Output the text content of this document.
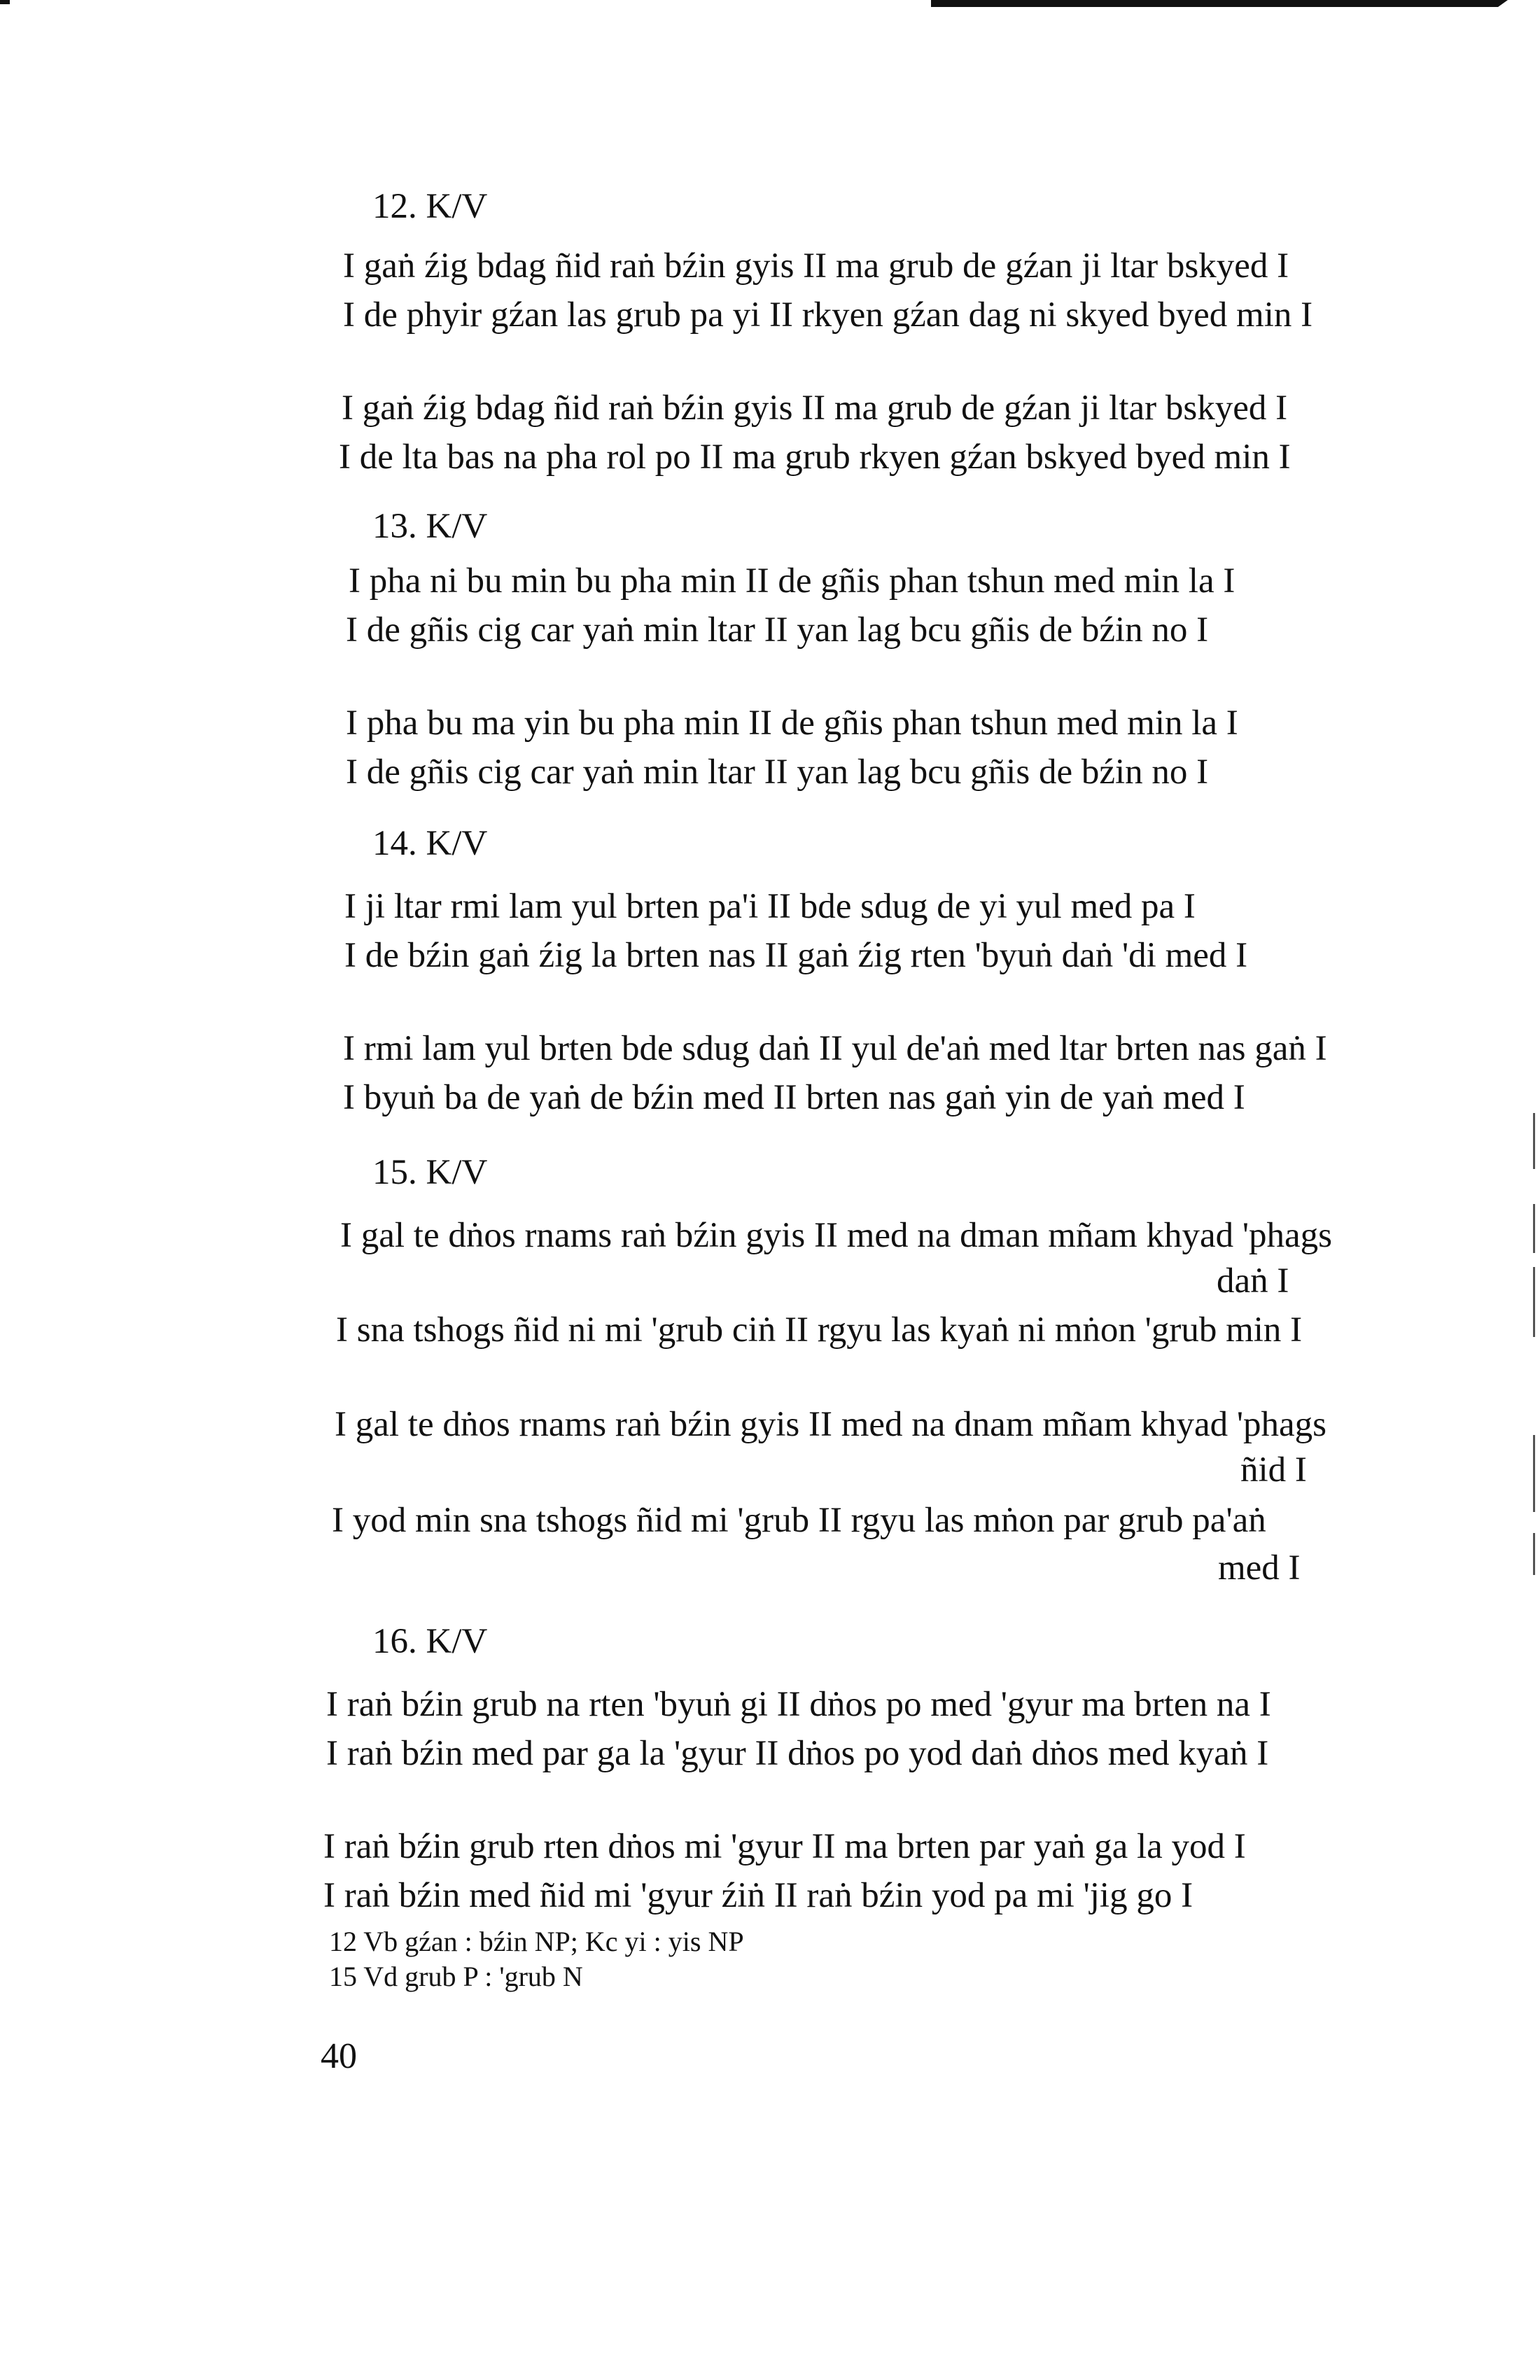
12. K/V
I gaṅ źig bdag ñid raṅ bźin gyis II ma grub de gźan ji ltar bskyed I
I de phyir gźan las grub pa yi II rkyen gźan dag ni skyed byed min I
I gaṅ źig bdag ñid raṅ bźin gyis II ma grub de gźan ji ltar bskyed I
I de lta bas na pha rol po II ma grub rkyen gźan bskyed byed min I
13. K/V
I pha ni bu min bu pha min II de gñis phan tshun med min la I
I de gñis cig car yaṅ min ltar II yan lag bcu gñis de bźin no I
I pha bu ma yin bu pha min II de gñis phan tshun med min la I
I de gñis cig car yaṅ min ltar II yan lag bcu gñis de bźin no I
14. K/V
I ji ltar rmi lam yul brten pa'i II bde sdug de yi yul med pa I
I de bźin gaṅ źig la brten nas II gaṅ źig rten 'byuṅ daṅ 'di med I
I rmi lam yul brten bde sdug daṅ II yul de'aṅ med ltar brten nas gaṅ I
I byuṅ ba de yaṅ de bźin med II brten nas gaṅ yin de yaṅ med I
15. K/V
I gal te dṅos rnams raṅ bźin gyis II med na dman mñam khyad 'phags
daṅ I
I sna tshogs ñid ni mi 'grub ciṅ II rgyu las kyaṅ ni mṅon 'grub min I
I gal te dṅos rnams raṅ bźin gyis II med na dnam mñam khyad 'phags
ñid I
I yod min sna tshogs ñid mi 'grub II rgyu las mṅon par grub pa'aṅ
med I
16. K/V
I raṅ bźin grub na rten 'byuṅ gi II dṅos po med 'gyur ma brten na I
I raṅ bźin med par ga la 'gyur II dṅos po yod daṅ dṅos med kyaṅ I
I raṅ bźin grub rten dṅos mi 'gyur II ma brten par yaṅ ga la yod I
I raṅ bźin med ñid mi 'gyur źiṅ II raṅ bźin yod pa mi 'jig go I
12 Vb gźan : bźin NP; Kc yi : yis NP
15 Vd grub P : 'grub N
40
